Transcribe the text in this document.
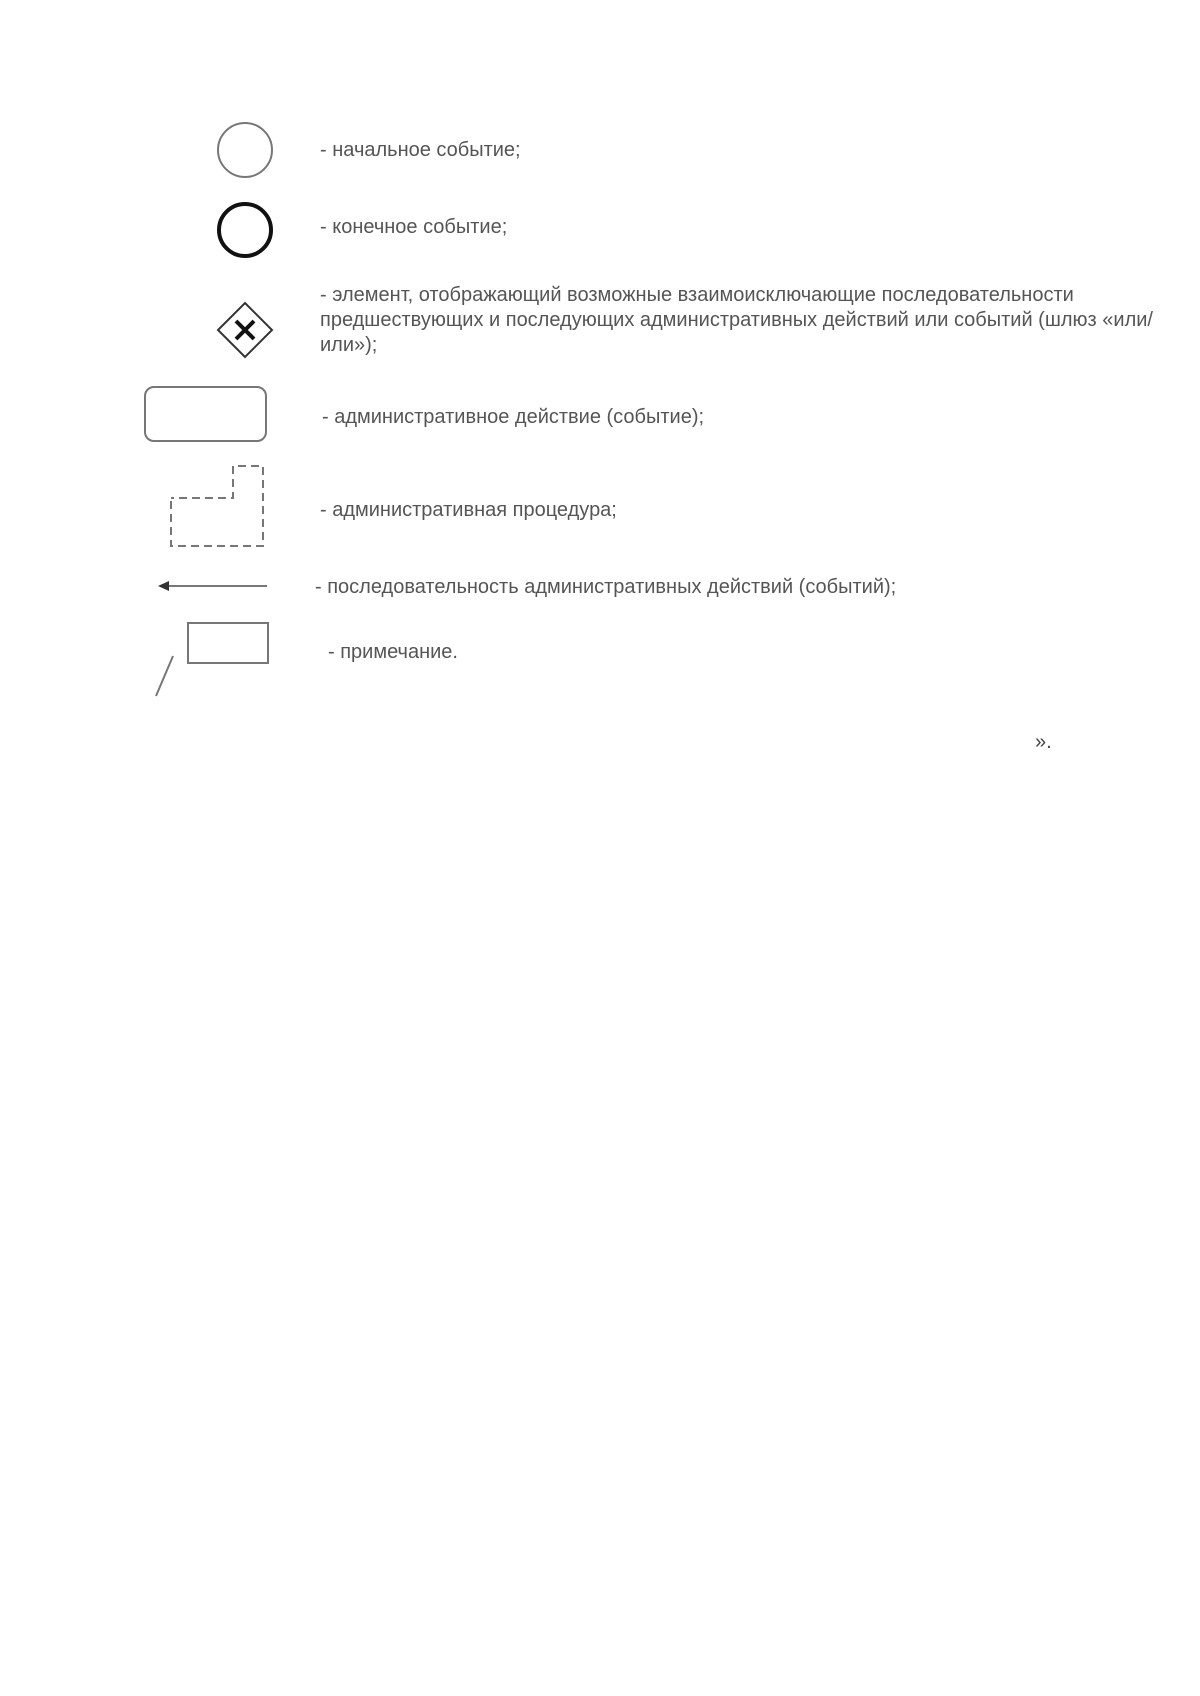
- начальное событие;
- конечное событие;
- элемент, отображающий возможные взаимоисключающие последовательности предшествующих и последующих административных действий или событий (шлюз «или/или»);
- административное действие (событие);
- административная процедура;
- последовательность административных действий (событий);
- примечание.
».
